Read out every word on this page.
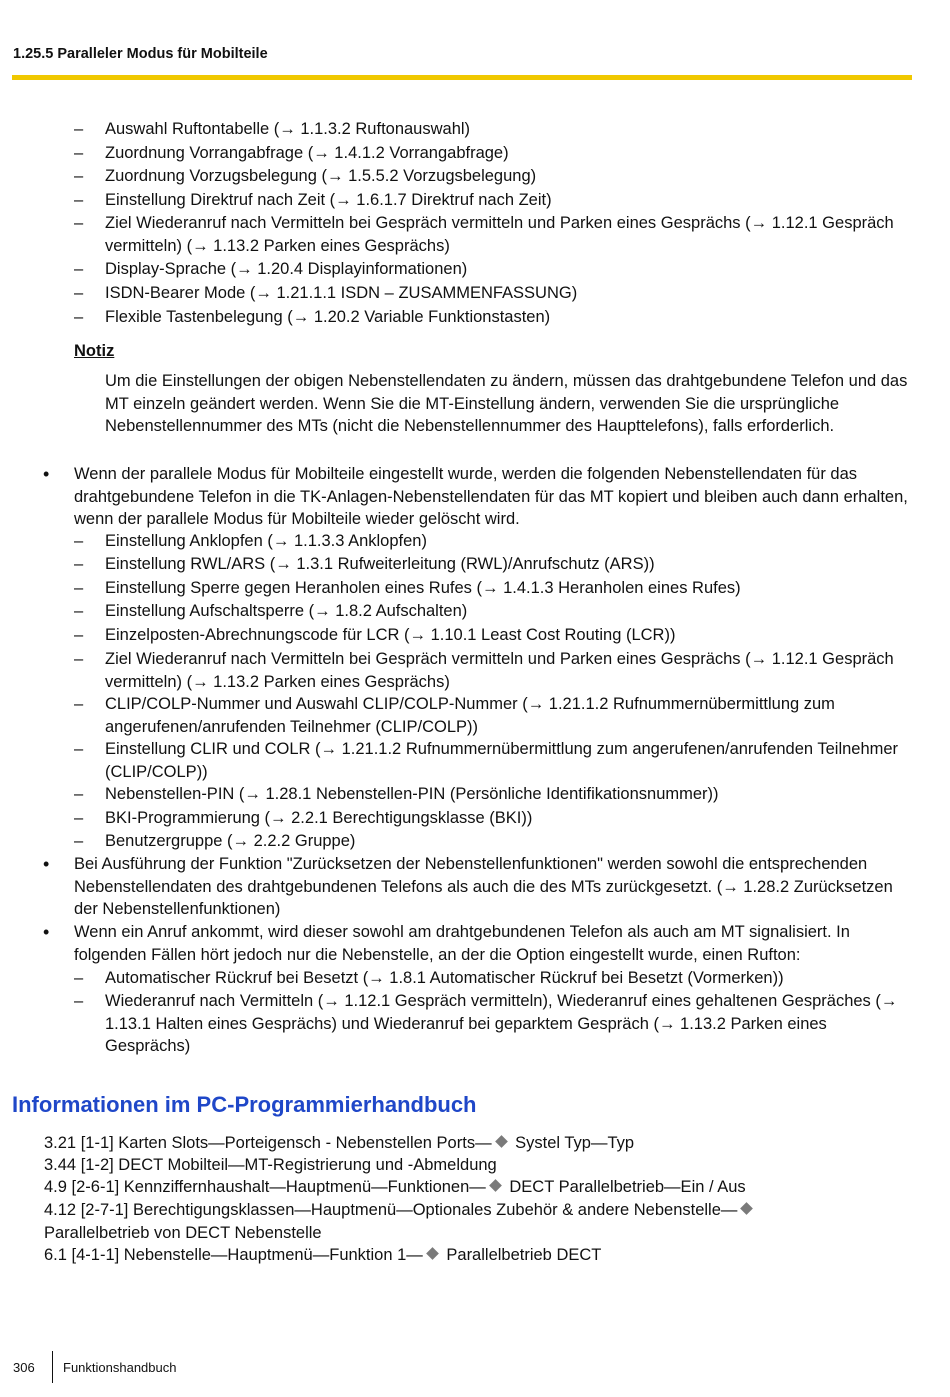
1.25.5 Paralleler Modus für Mobilteile
– Auswahl Ruftontabelle (→ 1.1.3.2 Ruftonauswahl)
– Zuordnung Vorrangabfrage (→ 1.4.1.2 Vorrangabfrage)
– Zuordnung Vorzugsbelegung (→ 1.5.5.2 Vorzugsbelegung)
– Einstellung Direktruf nach Zeit (→ 1.6.1.7 Direktruf nach Zeit)
– Ziel Wiederanruf nach Vermitteln bei Gespräch vermitteln und Parken eines Gesprächs (→ 1.12.1 Gespräch vermitteln) (→ 1.13.2 Parken eines Gesprächs)
– Display-Sprache (→ 1.20.4 Displayinformationen)
– ISDN-Bearer Mode (→ 1.21.1.1 ISDN – ZUSAMMENFASSUNG)
– Flexible Tastenbelegung (→ 1.20.2 Variable Funktionstasten)
Notiz
Um die Einstellungen der obigen Nebenstellendaten zu ändern, müssen das drahtgebundene Telefon und das MT einzeln geändert werden. Wenn Sie die MT-Einstellung ändern, verwenden Sie die ursprüngliche Nebenstellennummer des MTs (nicht die Nebenstellennummer des Haupttelefons), falls erforderlich.
• Wenn der parallele Modus für Mobilteile eingestellt wurde, werden die folgenden Nebenstellendaten für das drahtgebundene Telefon in die TK-Anlagen-Nebenstellendaten für das MT kopiert und bleiben auch dann erhalten, wenn der parallele Modus für Mobilteile wieder gelöscht wird.
– Einstellung Anklopfen (→ 1.1.3.3 Anklopfen)
– Einstellung RWL/ARS (→ 1.3.1 Rufweiterleitung (RWL)/Anrufschutz (ARS))
– Einstellung Sperre gegen Heranholen eines Rufes (→ 1.4.1.3 Heranholen eines Rufes)
– Einstellung Aufschaltsperre (→ 1.8.2 Aufschalten)
– Einzelposten-Abrechnungscode für LCR (→ 1.10.1 Least Cost Routing (LCR))
– Ziel Wiederanruf nach Vermitteln bei Gespräch vermitteln und Parken eines Gesprächs (→ 1.12.1 Gespräch vermitteln) (→ 1.13.2 Parken eines Gesprächs)
– CLIP/COLP-Nummer und Auswahl CLIP/COLP-Nummer (→ 1.21.1.2 Rufnummernübermittlung zum angerufenen/anrufenden Teilnehmer (CLIP/COLP))
– Einstellung CLIR und COLR (→ 1.21.1.2 Rufnummernübermittlung zum angerufenen/anrufenden Teilnehmer (CLIP/COLP))
– Nebenstellen-PIN (→ 1.28.1 Nebenstellen-PIN (Persönliche Identifikationsnummer))
– BKI-Programmierung (→ 2.2.1 Berechtigungsklasse (BKI))
– Benutzergruppe (→ 2.2.2 Gruppe)
• Bei Ausführung der Funktion "Zurücksetzen der Nebenstellenfunktionen" werden sowohl die entsprechenden Nebenstellendaten des drahtgebundenen Telefons als auch die des MTs zurückgesetzt. (→ 1.28.2 Zurücksetzen der Nebenstellenfunktionen)
• Wenn ein Anruf ankommt, wird dieser sowohl am drahtgebundenen Telefon als auch am MT signalisiert. In folgenden Fällen hört jedoch nur die Nebenstelle, an der die Option eingestellt wurde, einen Rufton:
– Automatischer Rückruf bei Besetzt (→ 1.8.1 Automatischer Rückruf bei Besetzt (Vormerken))
– Wiederanruf nach Vermitteln (→ 1.12.1 Gespräch vermitteln), Wiederanruf eines gehaltenen Gespräches (→ 1.13.1 Halten eines Gesprächs) und Wiederanruf bei geparktem Gespräch (→ 1.13.2 Parken eines Gesprächs)
Informationen im PC-Programmierhandbuch
3.21 [1-1] Karten Slots—Porteigensch - Nebenstellen Ports— Systel Typ—Typ
3.44 [1-2] DECT Mobilteil—MT-Registrierung und -Abmeldung
4.9 [2-6-1] Kennziffernhaushalt—Hauptmenü—Funktionen— DECT Parallelbetrieb—Ein / Aus
4.12 [2-7-1] Berechtigungsklassen—Hauptmenü—Optionales Zubehör & andere Nebenstelle—
Parallelbetrieb von DECT Nebenstelle
6.1 [4-1-1] Nebenstelle—Hauptmenü—Funktion 1— Parallelbetrieb DECT
306 Funktionshandbuch
